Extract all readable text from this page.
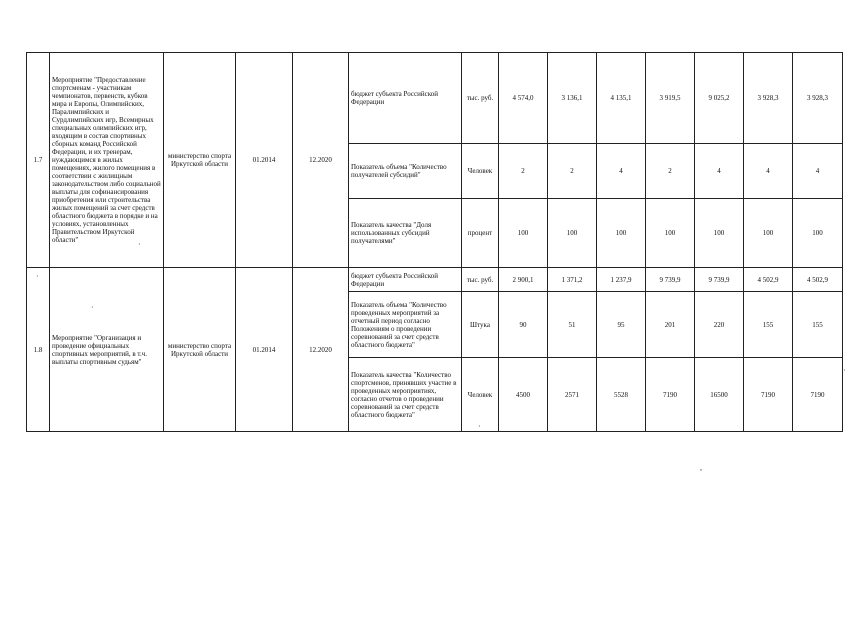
1.7	Мероприятие "Предоставление спортсменам - участникам чемпионатов, первенств, кубков мира и Европы, Олимпийских, Паралимпийских и Сурдлимпийских игр, Всемирных специальных олимпийских игр, входящим в состав спортивных сборных команд Российской Федерации, и их тренерам, нуждающимся в жилых помещениях, жилого помещения в соответствии с жилищным законодательством либо социальной выплаты для софинансирования приобретения или строительства жилых помещений за счет средств областного бюджета в порядке и на условиях, установленных Правительством Иркутской области"	министерство спорта Иркутской области	01.2014	12.2020	бюджет субъекта Российской Федерации	тыс. руб.	4 574,0	3 136,1	4 135,1	3 919,5	9 025,2	3 928,3	3 928,3
					Показатель объема "Количество получателей субсидий"	Человек	2	2	4	2	4	4	4
					Показатель качества "Доля использованных субсидий получателями"	процент	100	100	100	100	100	100	100
1.8	Мероприятие "Организация и проведение официальных спортивных мероприятий, в т.ч. выплаты спортивным судьям"	министерство спорта Иркутской области	01.2014	12.2020	бюджет субъекта Российской Федерации	тыс. руб.	2 900,1	1 371,2	1 237,9	9 739,9	9 739,9	4 502,9	4 502,9
					Показатель объема "Количество проведенных мероприятий за отчетный период согласно Положениям о проведении соревнований за счет средств областного бюджета"	Штука	90	51	95	201	220	155	155
					Показатель качества "Количество спортсменов, принявших участие в проведенных мероприятиях, согласно отчетов о проведении соревнований за счет средств областного бюджета"	Человек	4500	2571	5528	7190	16500	7190	7190
·
·
·
·
·
,
